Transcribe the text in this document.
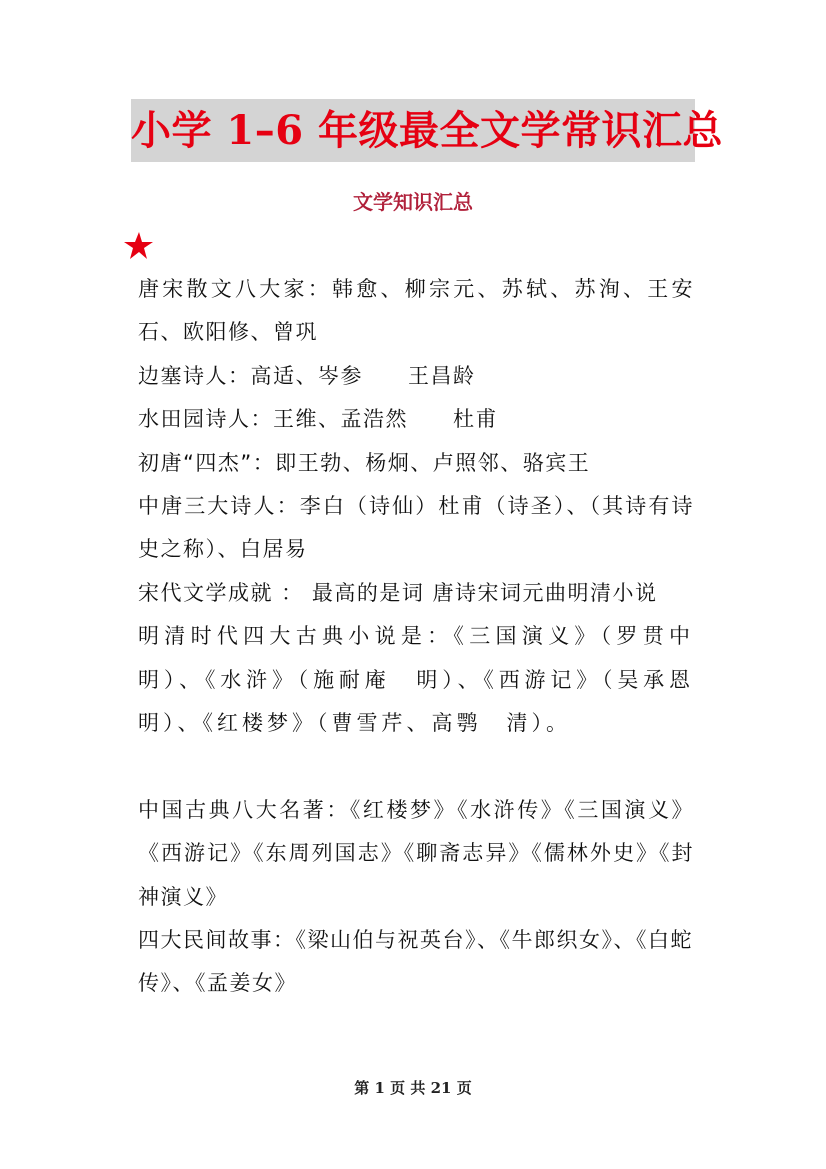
小学 1–6 年级最全文学常识汇总
文学知识汇总

唐宋散文八大家：韩愈、柳宗元、苏轼、苏洵、王安石、欧阳修、曾巩

边塞诗人：高适、岑参　　王昌龄

水田园诗人：王维、孟浩然　　杜甫

初唐“四杰”：即王勃、杨炯、卢照邻、骆宾王

中唐三大诗人：李白（诗仙）杜甫（诗圣）、（其诗有诗史之称）、白居易

宋代文学成就 ： 最高的是词 唐诗宋词元曲明清小说

明清时代四大古典小说是：《三国演义》（罗贯中　明）、《水浒》（施耐庵　明）、《西游记》（吴承恩　明）、《红楼梦》（曹雪芹、高鹗　清）。

中国古典八大名著：《红楼梦》《水浒传》《三国演义》《西游记》《东周列国志》《聊斋志异》《儒林外史》《封神演义》

四大民间故事：《梁山伯与祝英台》、《牛郎织女》、《白蛇传》、《孟姜女》

第 1 页 共 21 页
